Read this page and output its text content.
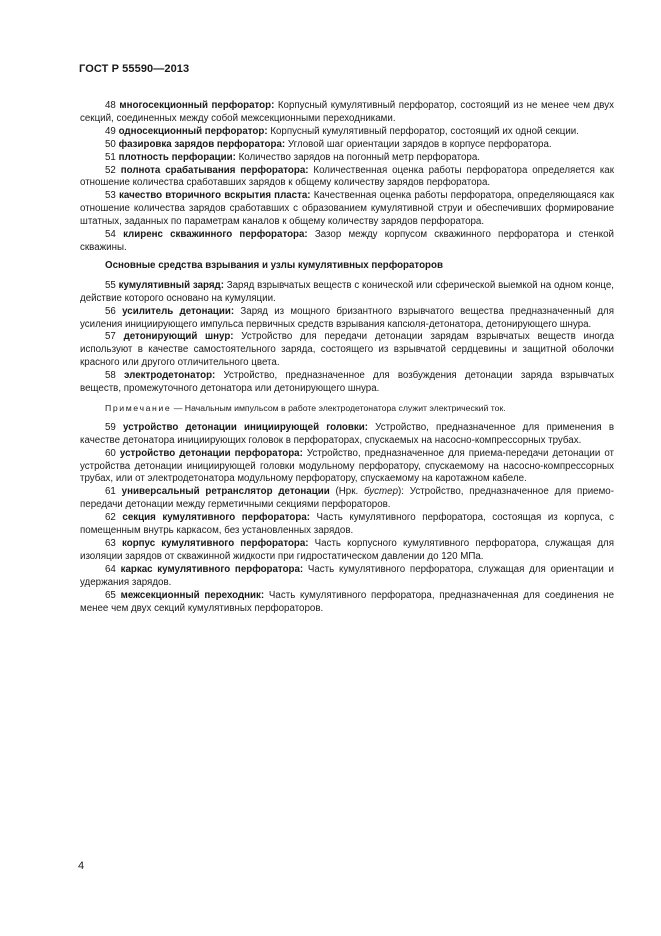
ГОСТ Р 55590—2013

48 многосекционный перфоратор: Корпусный кумулятивный перфоратор, состоящий из не менее чем двух секций, соединенных между собой межсекционными переходниками.

49 односекционный перфоратор: Корпусный кумулятивный перфоратор, состоящий их одной секции.

50 фазировка зарядов перфоратора: Угловой шаг ориентации зарядов в корпусе перфоратора.

51 плотность перфорации: Количество зарядов на погонный метр перфоратора.

52 полнота срабатывания перфоратора: Количественная оценка работы перфоратора определяется как отношение количества сработавших зарядов к общему количеству зарядов перфоратора.

53 качество вторичного вскрытия пласта: Качественная оценка работы перфоратора, определяющаяся как отношение количества зарядов сработавших с образованием кумулятивной струи и обеспечивших формирование штатных, заданных по параметрам каналов к общему количеству зарядов перфоратора.

54 клиренс скважинного перфоратора: Зазор между корпусом скважинного перфоратора и стенкой скважины.

Основные средства взрывания и узлы кумулятивных перфораторов

55 кумулятивный заряд: Заряд взрывчатых веществ с конической или сферической выемкой на одном конце, действие которого основано на кумуляции.

56 усилитель детонации: Заряд из мощного бризантного взрывчатого вещества предназначенный для усиления инициирующего импульса первичных средств взрывания капсюля-детонатора, детонирующего шнура.

57 детонирующий шнур: Устройство для передачи детонации зарядам взрывчатых веществ иногда используют в качестве самостоятельного заряда, состоящего из взрывчатой сердцевины и защитной оболочки красного или другого отличительного цвета.

58 электродетонатор: Устройство, предназначенное для возбуждения детонации заряда взрывчатых веществ, промежуточного детонатора или детонирующего шнура.

Примечание — Начальным импульсом в работе электродетонатора служит электрический ток.

59 устройство детонации инициирующей головки: Устройство, предназначенное для применения в качестве детонатора инициирующих головок в перфораторах, спускаемых на насосно-компрессорных трубах.

60 устройство детонации перфоратора: Устройство, предназначенное для приема-передачи детонации от устройства детонации инициирующей головки модульному перфоратору, спускаемому на насосно-компрессорных трубах, или от электродетонатора модульному перфоратору, спускаемому на каротажном кабеле.

61 универсальный ретранслятор детонации (Нрк. бустер): Устройство, предназначенное для приемо-передачи детонации между герметичными секциями перфораторов.

62 секция кумулятивного перфоратора: Часть кумулятивного перфоратора, состоящая из корпуса, с помещенным внутрь каркасом, без установленных зарядов.

63 корпус кумулятивного перфоратора: Часть корпусного кумулятивного перфоратора, служащая для изоляции зарядов от скважинной жидкости при гидростатическом давлении до 120 МПа.

64 каркас кумулятивного перфоратора: Часть кумулятивного перфоратора, служащая для ориентации и удержания зарядов.

65 межсекционный переходник: Часть кумулятивного перфоратора, предназначенная для соединения не менее чем двух секций кумулятивных перфораторов.

4
